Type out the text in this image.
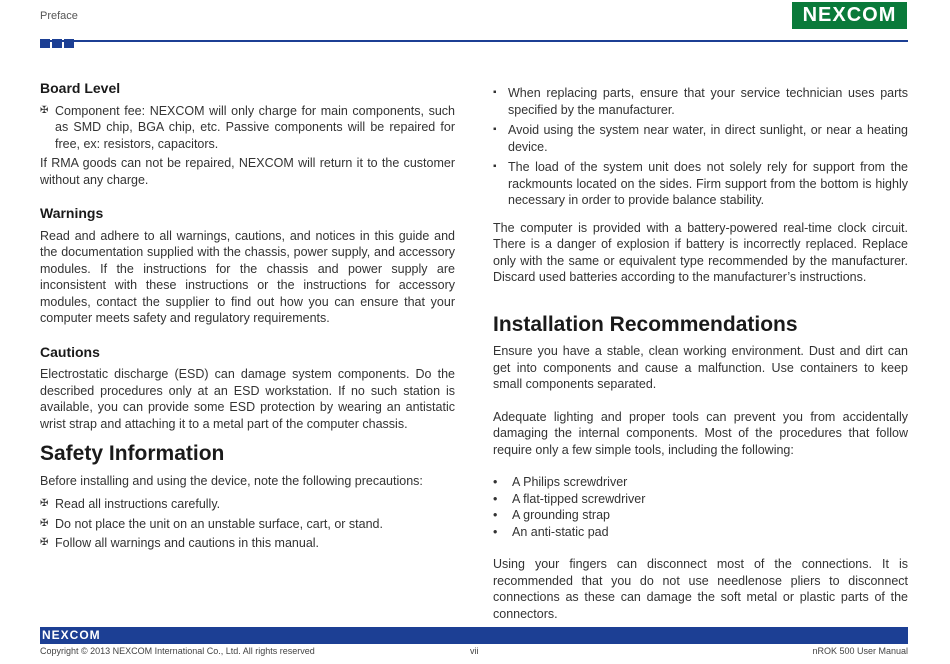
Preface	NEXCOM
Board Level
✠ Component fee: NEXCOM will only charge for main components, such as SMD chip, BGA chip, etc. Passive components will be repaired for free, ex: resistors, capacitors.

If RMA goods can not be repaired, NEXCOM will return it to the customer without any charge.

Warnings

Read and adhere to all warnings, cautions, and notices in this guide and the documentation supplied with the chassis, power supply, and accessory modules. If the instructions for the chassis and power supply are inconsistent with these instructions or the instructions for accessory modules, contact the supplier to find out how you can ensure that your computer meets safety and regulatory requirements.

Cautions

Electrostatic discharge (ESD) can damage system components. Do the described procedures only at an ESD workstation. If no such station is available, you can provide some ESD protection by wearing an antistatic wrist strap and attaching it to a metal part of the computer chassis.

Safety Information

Before installing and using the device, note the following precautions:

✠ Read all instructions carefully.
✠ Do not place the unit on an unstable surface, cart, or stand.
✠ Follow all warnings and cautions in this manual.
▪ When replacing parts, ensure that your service technician uses parts specified by the manufacturer.
▪ Avoid using the system near water, in direct sunlight, or near a heating device.
▪ The load of the system unit does not solely rely for support from the rackmounts located on the sides. Firm support from the bottom is highly necessary in order to provide balance stability.

The computer is provided with a battery-powered real-time clock circuit. There is a danger of explosion if battery is incorrectly replaced. Replace only with the same or equivalent type recommended by the manufacturer. Discard used batteries according to the manufacturer’s instructions.

Installation Recommendations

Ensure you have a stable, clean working environment. Dust and dirt can get into components and cause a malfunction. Use containers to keep small components separated.

Adequate lighting and proper tools can prevent you from accidentally damaging the internal components. Most of the procedures that follow require only a few simple tools, including the following:

• A Philips screwdriver
• A flat-tipped screwdriver
• A grounding strap
• An anti-static pad

Using your fingers can disconnect most of the connections. It is recommended that you do not use needlenose pliers to disconnect connections as these can damage the soft metal or plastic parts of the connectors.

NEXCOM
Copyright © 2013 NEXCOM International Co., Ltd. All rights reserved	vii	nROK 500 User Manual
